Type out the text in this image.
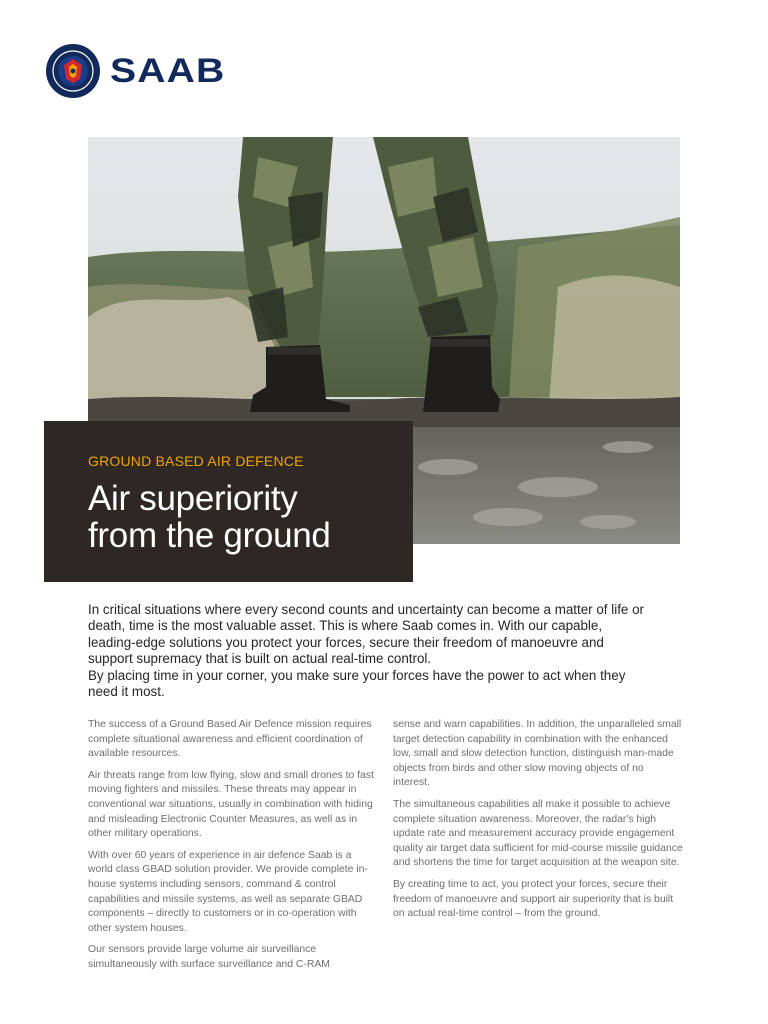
SAAB

GROUND BASED AIR DEFENCE

Air superiority
from the ground

In critical situations where every second counts and uncertainty can become a matter of life or death, time is the most valuable asset. This is where Saab comes in. With our capable, leading-edge solutions you protect your forces, secure their freedom of manoeuvre and support supremacy that is built on actual real-time control.

By placing time in your corner, you make sure your forces have the power to act when they need it most.

The success of a Ground Based Air Defence mission requires complete situational awareness and efficient coordination of available resources.

Air threats range from low flying, slow and small drones to fast moving fighters and missiles. These threats may appear in conventional war situations, usually in combination with hiding and misleading Electronic Counter Measures, as well as in other military operations.

With over 60 years of experience in air defence Saab is a world class GBAD solution provider. We provide complete in-house systems including sensors, command & control capabilities and missile systems, as well as separate GBAD components – directly to customers or in co-operation with other system houses.

Our sensors provide large volume air surveillance simultaneously with surface surveillance and C-RAM

sense and warn capabilities. In addition, the unparalleled small target detection capability in combination with the enhanced low, small and slow detection function, distinguish man-made objects from birds and other slow moving objects of no interest.

The simultaneous capabilities all make it possible to achieve complete situation awareness. Moreover, the radar's high update rate and measurement accuracy provide engagement quality air target data sufficient for mid-course missile guidance and shortens the time for target acquisition at the weapon site.

By creating time to act, you protect your forces, secure their freedom of manoeuvre and support air superiority that is built on actual real-time control – from the ground.
